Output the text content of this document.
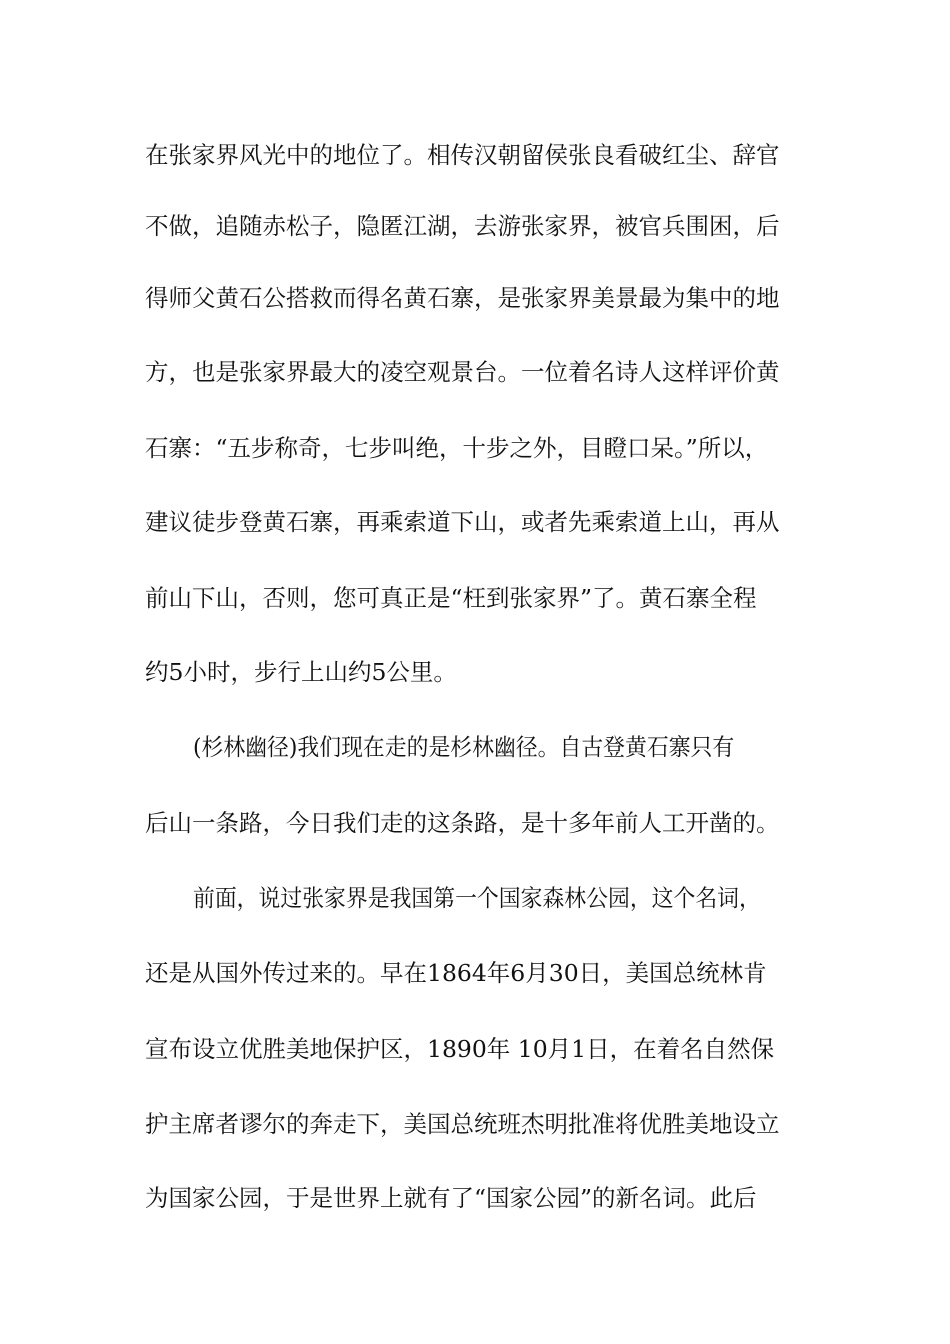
在张家界风光中的地位了。相传汉朝留侯张良看破红尘、辞官
不做，追随赤松子，隐匿江湖，去游张家界，被官兵围困，后
得师父黄石公搭救而得名黄石寨，是张家界美景最为集中的地
方，也是张家界最大的凌空观景台。一位着名诗人这样评价黄
石寨：“五步称奇，七步叫绝，十步之外，目瞪口呆。”所以，
建议徒步登黄石寨，再乘索道下山，或者先乘索道上山，再从
前山下山，否则，您可真正是“枉到张家界”了。黄石寨全程
约5小时，步行上山约5公里。
(杉林幽径)我们现在走的是杉林幽径。自古登黄石寨只有
后山一条路，今日我们走的这条路，是十多年前人工开凿的。
前面，说过张家界是我国第一个国家森林公园，这个名词，
还是从国外传过来的。早在1864年6月30日，美国总统林肯
宣布设立优胜美地保护区，1890年 10月1日，在着名自然保
护主席者谬尔的奔走下，美国总统班杰明批准将优胜美地设立
为国家公园，于是世界上就有了“国家公园”的新名词。此后
